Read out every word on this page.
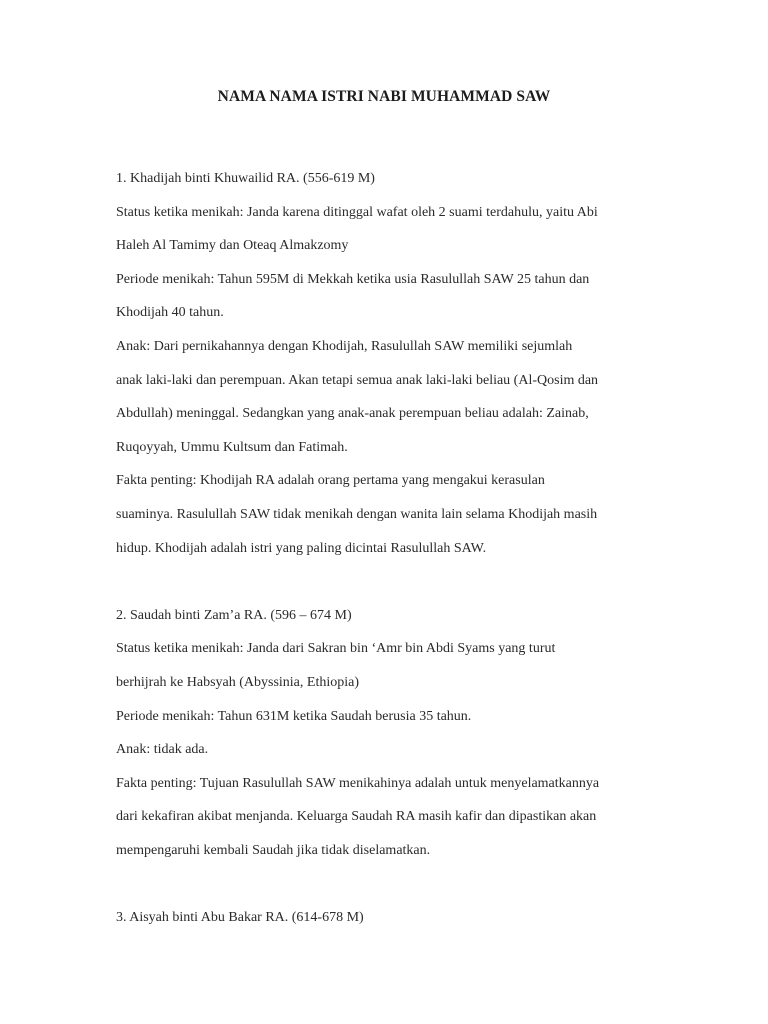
NAMA NAMA ISTRI NABI MUHAMMAD SAW
1. Khadijah binti Khuwailid RA. (556-619 M)
Status ketika menikah: Janda karena ditinggal wafat oleh 2 suami terdahulu, yaitu Abi
Haleh Al Tamimy dan Oteaq Almakzomy
Periode menikah: Tahun 595M di Mekkah ketika usia Rasulullah SAW 25 tahun dan
Khodijah 40 tahun.
Anak: Dari pernikahannya dengan Khodijah, Rasulullah SAW memiliki sejumlah
anak laki-laki dan perempuan. Akan tetapi semua anak laki-laki beliau (Al-Qosim dan
Abdullah) meninggal. Sedangkan yang anak-anak perempuan beliau adalah: Zainab,
Ruqoyyah, Ummu Kultsum dan Fatimah.
Fakta penting: Khodijah RA adalah orang pertama yang mengakui kerasulan
suaminya. Rasulullah SAW tidak menikah dengan wanita lain selama Khodijah masih
hidup. Khodijah adalah istri yang paling dicintai Rasulullah SAW.
2. Saudah binti Zam’a RA. (596 – 674 M)
Status ketika menikah: Janda dari Sakran bin ‘Amr bin Abdi Syams yang turut
berhijrah ke Habsyah (Abyssinia, Ethiopia)
Periode menikah: Tahun 631M ketika Saudah berusia 35 tahun.
Anak: tidak ada.
Fakta penting: Tujuan Rasulullah SAW menikahinya adalah untuk menyelamatkannya
dari kekafiran akibat menjanda. Keluarga Saudah RA masih kafir dan dipastikan akan
mempengaruhi kembali Saudah jika tidak diselamatkan.
3. Aisyah binti Abu Bakar RA. (614-678 M)
